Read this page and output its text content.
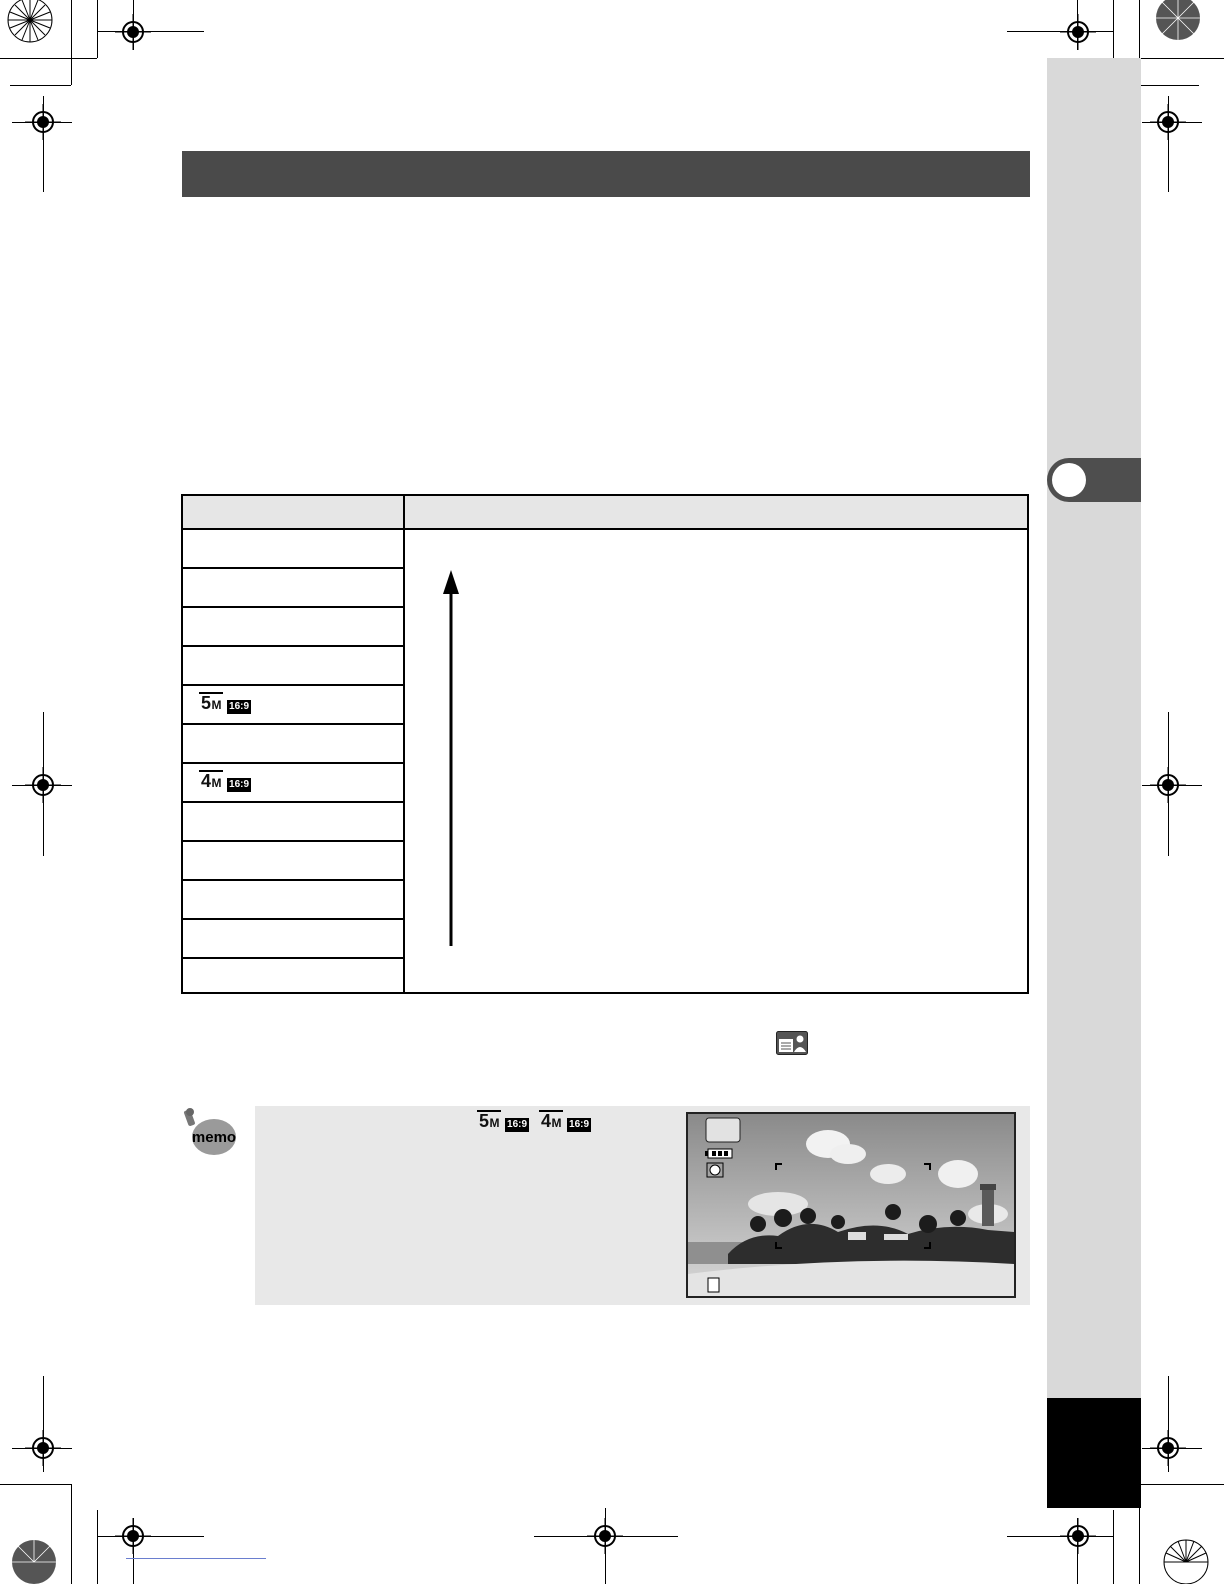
5M 16:9
4M 16:9
memo
5M 16:9 4M 16:9
